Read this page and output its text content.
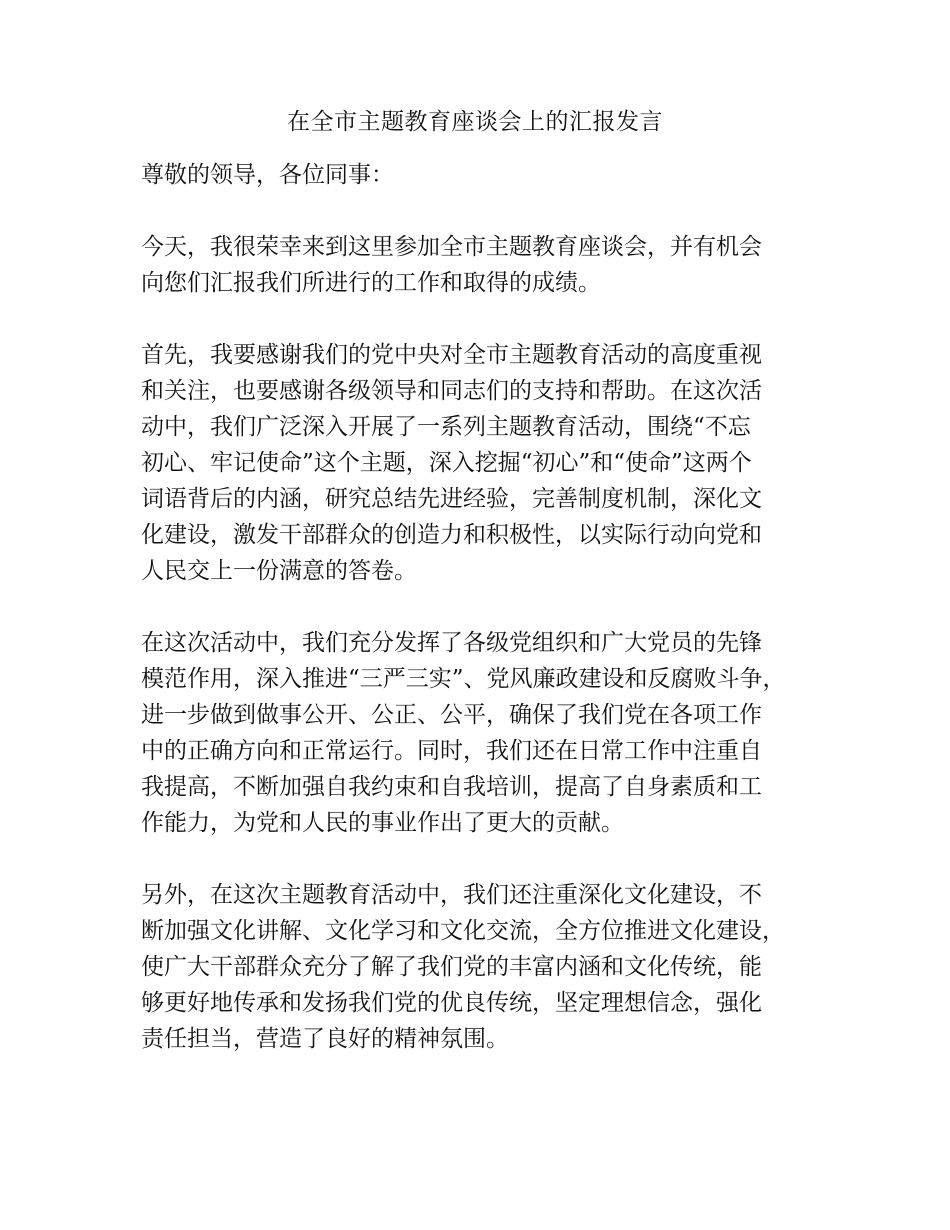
在全市主题教育座谈会上的汇报发言
尊敬的领导，各位同事：
今天，我很荣幸来到这里参加全市主题教育座谈会，并有机会
向您们汇报我们所进行的工作和取得的成绩。
首先，我要感谢我们的党中央对全市主题教育活动的高度重视
和关注，也要感谢各级领导和同志们的支持和帮助。在这次活
动中，我们广泛深入开展了一系列主题教育活动，围绕“不忘
初心、牢记使命”这个主题，深入挖掘“初心”和“使命”这两个
词语背后的内涵，研究总结先进经验，完善制度机制，深化文
化建设，激发干部群众的创造力和积极性，以实际行动向党和
人民交上一份满意的答卷。
在这次活动中，我们充分发挥了各级党组织和广大党员的先锋
模范作用，深入推进“三严三实”、党风廉政建设和反腐败斗争，
进一步做到做事公开、公正、公平，确保了我们党在各项工作
中的正确方向和正常运行。同时，我们还在日常工作中注重自
我提高，不断加强自我约束和自我培训，提高了自身素质和工
作能力，为党和人民的事业作出了更大的贡献。
另外，在这次主题教育活动中，我们还注重深化文化建设，不
断加强文化讲解、文化学习和文化交流，全方位推进文化建设，
使广大干部群众充分了解了我们党的丰富内涵和文化传统，能
够更好地传承和发扬我们党的优良传统，坚定理想信念，强化
责任担当，营造了良好的精神氛围。
